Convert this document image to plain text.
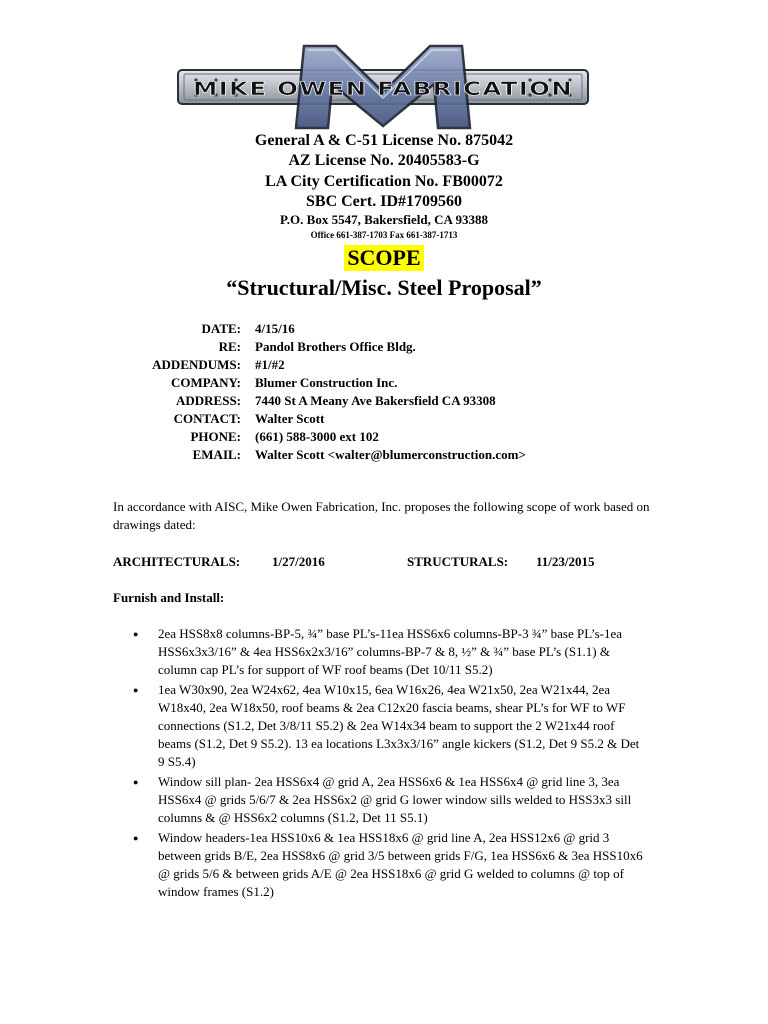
MIKE OWEN FABRICATION
General A & C-51 License No. 875042
AZ License No. 20405583-G
LA City Certification No. FB00072
SBC Cert. ID#1709560
P.O. Box 5547, Bakersfield, CA 93388
Office 661-387-1703 Fax 661-387-1713
SCOPE
“Structural/Misc. Steel Proposal”
DATE: 4/15/16
RE: Pandol Brothers Office Bldg.
ADDENDUMS: #1/#2
COMPANY: Blumer Construction Inc.
ADDRESS: 7440 St A Meany Ave Bakersfield CA 93308
CONTACT: Walter Scott
PHONE: (661) 588-3000 ext 102
EMAIL: Walter Scott <walter@blumerconstruction.com>
In accordance with AISC, Mike Owen Fabrication, Inc. proposes the following scope of work based on drawings dated:
ARCHITECTURALS: 1/27/2016	STRUCTURALS: 11/23/2015
Furnish and Install:
● 2ea HSS8x8 columns-BP-5, ¾” base PL’s-11ea HSS6x6 columns-BP-3 ¾” base PL’s-1ea HSS6x3x3/16” & 4ea HSS6x2x3/16” columns-BP-7 & 8, ½” & ¾” base PL’s (S1.1) & column cap PL’s for support of WF roof beams (Det 10/11 S5.2)
● 1ea W30x90, 2ea W24x62, 4ea W10x15, 6ea W16x26, 4ea W21x50, 2ea W21x44, 2ea W18x40, 2ea W18x50, roof beams & 2ea C12x20 fascia beams, shear PL’s for WF to WF connections (S1.2, Det 3/8/11 S5.2) & 2ea W14x34 beam to support the 2 W21x44 roof beams (S1.2, Det 9 S5.2). 13 ea locations L3x3x3/16” angle kickers (S1.2, Det 9 S5.2 & Det 9 S5.4)
● Window sill plan- 2ea HSS6x4 @ grid A, 2ea HSS6x6 & 1ea HSS6x4 @ grid line 3, 3ea HSS6x4 @ grids 5/6/7 & 2ea HSS6x2 @ grid G lower window sills welded to HSS3x3 sill columns & @ HSS6x2 columns (S1.2, Det 11 S5.1)
● Window headers-1ea HSS10x6 & 1ea HSS18x6 @ grid line A, 2ea HSS12x6 @ grid 3 between grids B/E, 2ea HSS8x6 @ grid 3/5 between grids F/G, 1ea HSS6x6 & 3ea HSS10x6 @ grids 5/6 & between grids A/E @ 2ea HSS18x6 @ grid G welded to columns @ top of window frames (S1.2)
